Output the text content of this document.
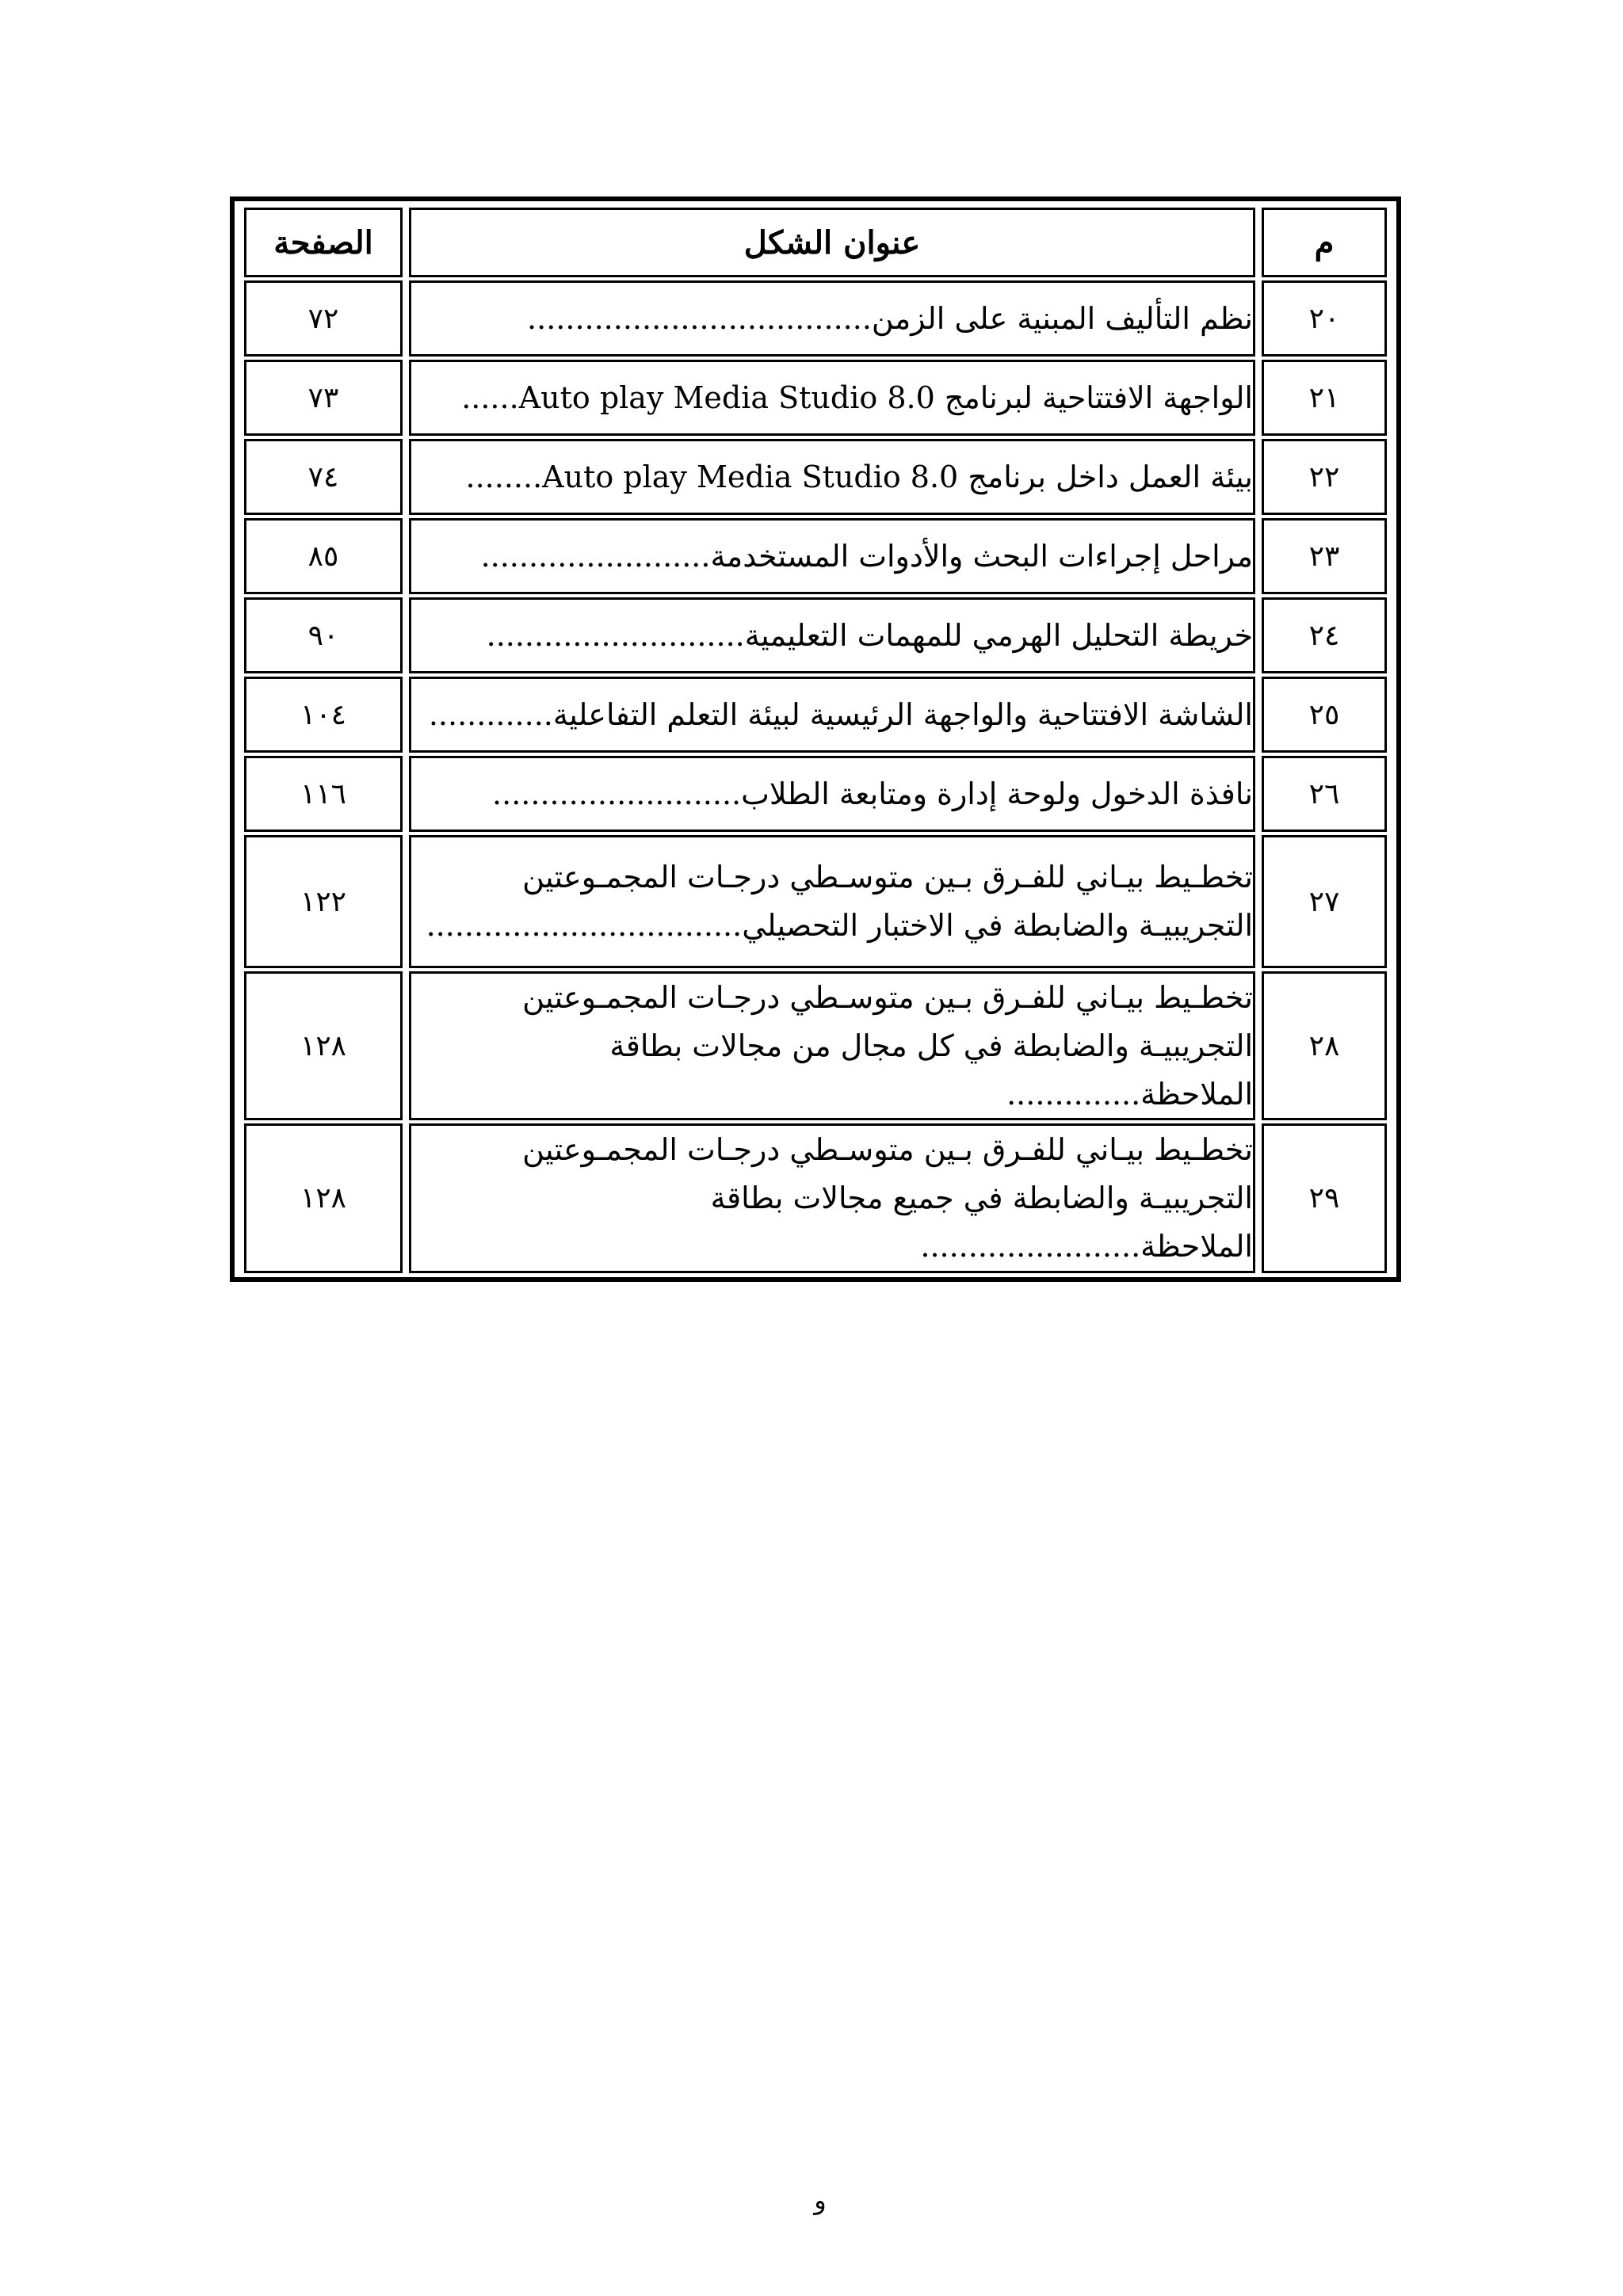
م	عنوان الشكل	الصفحة
٢٠	نظم التأليف المبنية على الزمن....................................	٧٢
٢١	الواجهة الافتتاحية لبرنامج Auto play Media Studio 8.0......	٧٣
٢٢	بيئة العمل داخل برنامج Auto play Media Studio 8.0........	٧٤
٢٣	مراحل إجراءات البحث والأدوات المستخدمة........................	٨٥
٢٤	خريطة التحليل الهرمي للمهمات التعليمية...........................	٩٠
٢٥	الشاشة الافتتاحية والواجهة الرئيسية لبيئة التعلم التفاعلية.............	١٠٤
٢٦	نافذة الدخول ولوحة إدارة ومتابعة الطلاب..........................	١١٦
٢٧	تخطـيط بيـاني للفـرق بـين متوسـطي درجـات المجمـوعتين التجريبيـة والضابطة في الاختبار التحصيلي.................................	١٢٢
٢٨	تخطـيط بيـاني للفـرق بـين متوسـطي درجـات المجمـوعتين التجريبيـة والضابطة في كل مجال من مجالات بطاقة الملاحظة..............	١٢٨
٢٩	تخطـيط بيـاني للفـرق بـين متوسـطي درجـات المجمـوعتين التجريبيـة والضابطة في جميع مجالات بطاقة الملاحظة.......................	١٢٨
و
